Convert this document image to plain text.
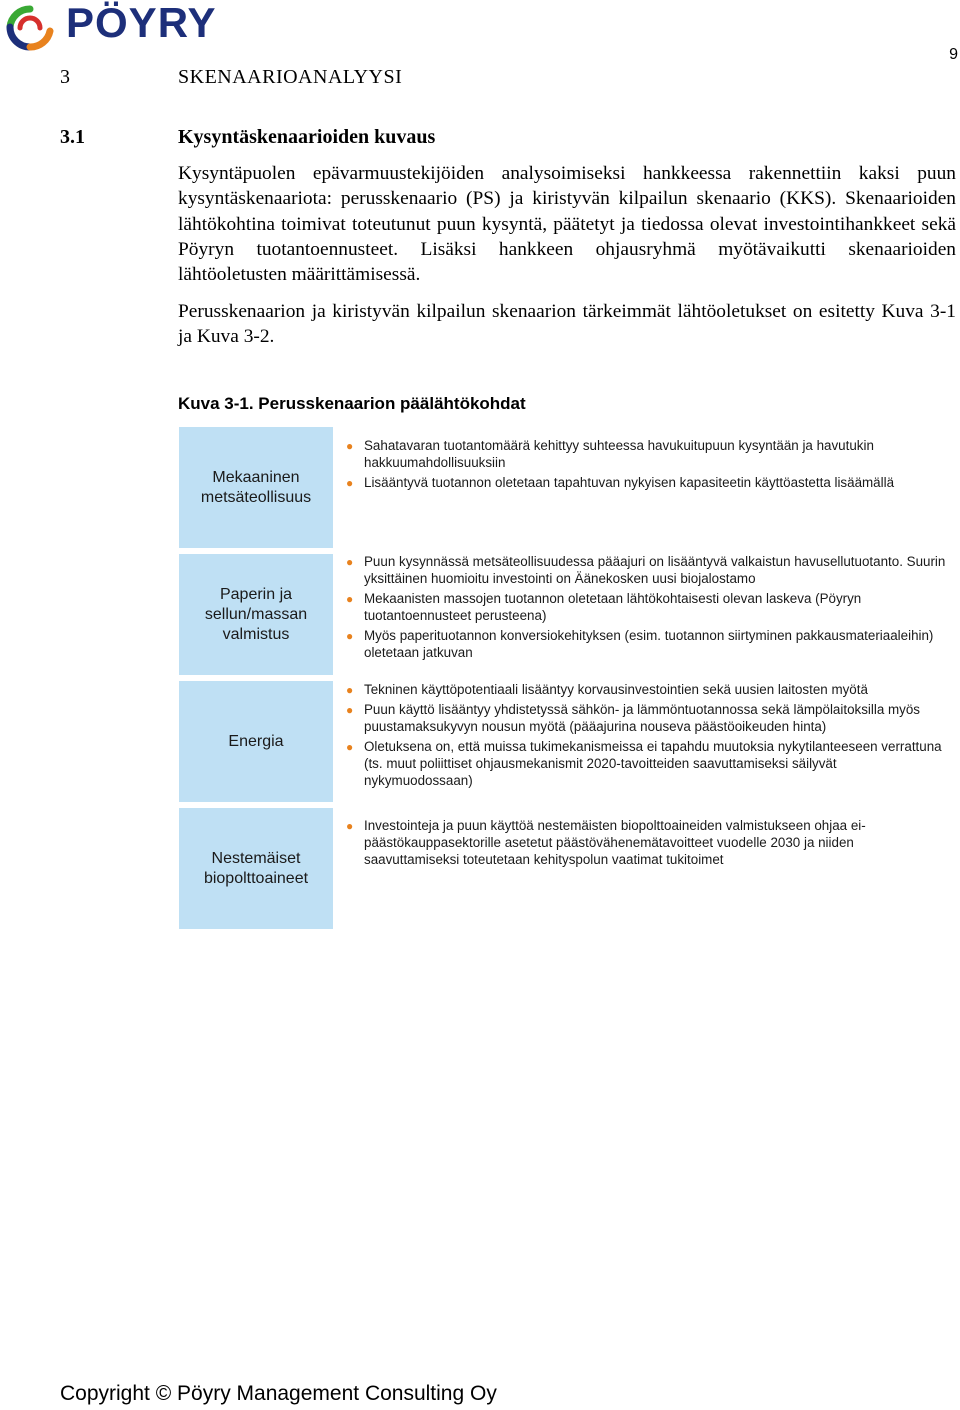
PÖYRY
9
3	SKENAARIOANALYYSI
3.1	Kysyntäskenaarioiden kuvaus

Kysyntäpuolen epävarmuustekijöiden analysoimiseksi hankkeessa rakennettiin kaksi puun kysyntäskenaariota: perusskenaario (PS) ja kiristyvän kilpailun skenaario (KKS). Skenaarioiden lähtökohtina toimivat toteutunut puun kysyntä, päätetyt ja tiedossa olevat investointihankkeet sekä Pöyryn tuotantoennusteet. Lisäksi hankkeen ohjausryhmä myötävaikutti skenaarioiden lähtöoletusten määrittämisessä.

Perusskenaarion ja kiristyvän kilpailun skenaarion tärkeimmät lähtöoletukset on esitetty Kuva 3-1 ja Kuva 3-2.

Kuva 3-1. Perusskenaarion päälähtökohdat
Mekaaninen
metsäteollisuus
Paperin ja
sellun/massan
valmistus
Energia
Nestemäiset
biopolttoaineet
● Sahatavaran tuotantomäärä kehittyy suhteessa havukuitupuun kysyntään ja havutukin hakkuumahdollisuuksiin
● Lisääntyvä tuotannon oletetaan tapahtuvan nykyisen kapasiteetin käyttöastetta lisäämällä
● Puun kysynnässä metsäteollisuudessa pääajuri on lisääntyvä valkaistun havusellutuotanto. Suurin yksittäinen huomioitu investointi on Äänekosken uusi biojalostamo
● Mekaanisten massojen tuotannon oletetaan lähtökohtaisesti olevan laskeva (Pöyryn tuotantoennusteet perusteena)
● Myös paperituotannon konversiokehityksen (esim. tuotannon siirtyminen pakkausmateriaaleihin) oletetaan jatkuvan
● Tekninen käyttöpotentiaali lisääntyy korvausinvestointien sekä uusien laitosten myötä
● Puun käyttö lisääntyy yhdistetyssä sähkön- ja lämmöntuotannossa sekä lämpölaitoksilla myös puustamaksukyvyn nousun myötä (pääajurina nouseva päästöoikeuden hinta)
● Oletuksena on, että muissa tukimekanismeissa ei tapahdu muutoksia nykytilanteeseen verrattuna (ts. muut poliittiset ohjausmekanismit 2020-tavoitteiden saavuttamiseksi säilyvät nykymuodossaan)
● Investointeja ja puun käyttöä nestemäisten biopolttoaineiden valmistukseen ohjaa ei-päästökauppasektorille asetetut päästövähenemätavoitteet vuodelle 2030 ja niiden saavuttamiseksi toteutetaan kehityspolun vaatimat tukitoimet
Copyright © Pöyry Management Consulting Oy
